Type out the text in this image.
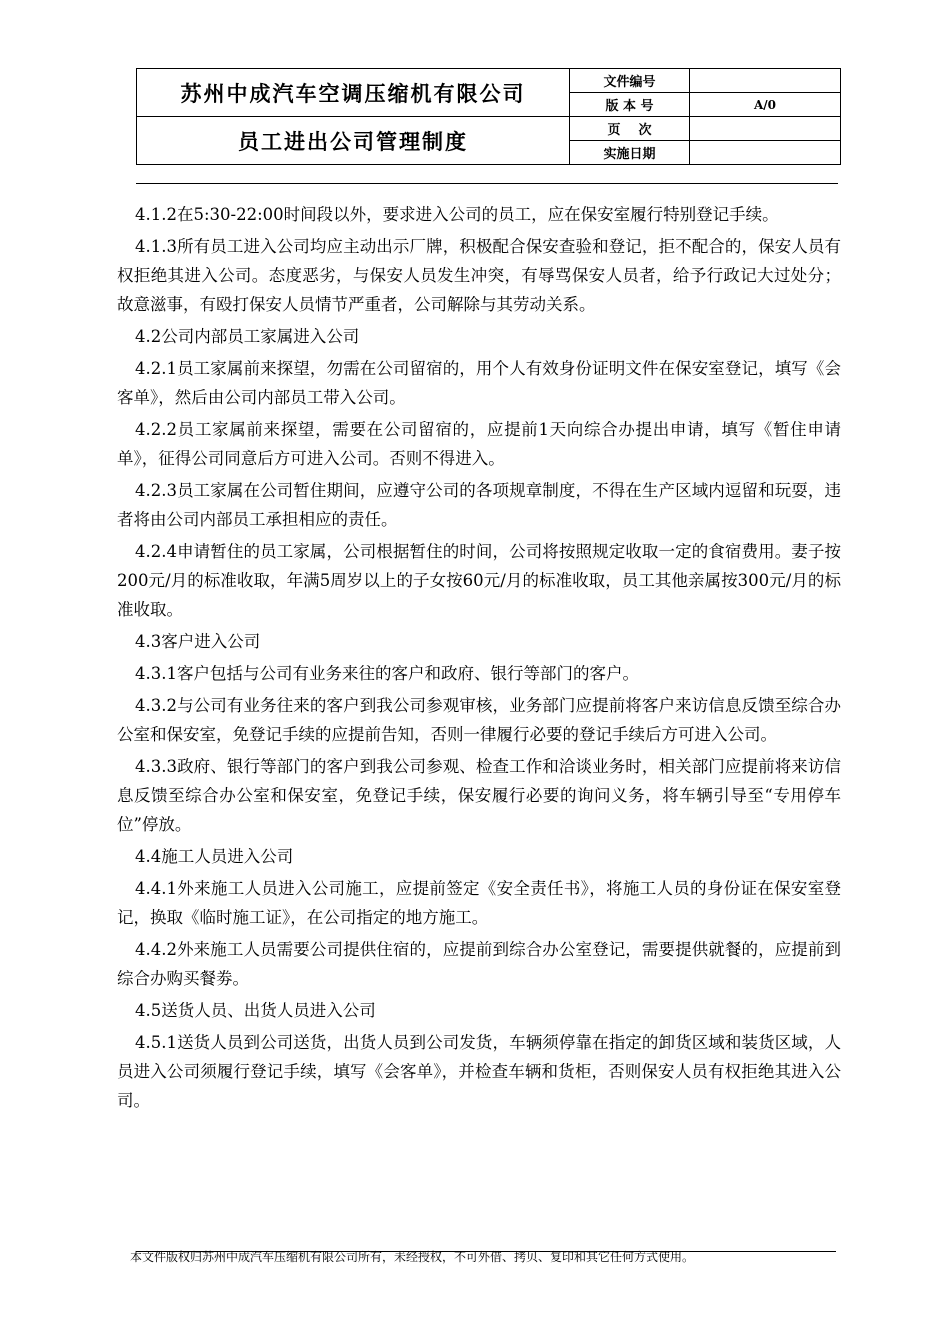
苏州中成汽车空调压缩机有限公司	文件编号	
	版 本 号	A/0
员工进出公司管理制度	页    次	
	实施日期	

4.1.2在5:30-22:00时间段以外，要求进入公司的员工，应在保安室履行特别登记手续。

4.1.3所有员工进入公司均应主动出示厂牌，积极配合保安查验和登记，拒不配合的，保安人员有权拒绝其进入公司。态度恶劣，与保安人员发生冲突，有辱骂保安人员者，给予行政记大过处分；故意滋事，有殴打保安人员情节严重者，公司解除与其劳动关系。

4.2公司内部员工家属进入公司

4.2.1员工家属前来探望，勿需在公司留宿的，用个人有效身份证明文件在保安室登记，填写《会客单》，然后由公司内部员工带入公司。

4.2.2员工家属前来探望，需要在公司留宿的，应提前1天向综合办提出申请，填写《暂住申请单》，征得公司同意后方可进入公司。否则不得进入。

4.2.3员工家属在公司暂住期间，应遵守公司的各项规章制度，不得在生产区域内逗留和玩耍，违者将由公司内部员工承担相应的责任。

4.2.4申请暂住的员工家属，公司根据暂住的时间，公司将按照规定收取一定的食宿费用。妻子按200元/月的标准收取，年满5周岁以上的子女按60元/月的标准收取，员工其他亲属按300元/月的标准收取。

4.3客户进入公司

4.3.1客户包括与公司有业务来往的客户和政府、银行等部门的客户。

4.3.2与公司有业务往来的客户到我公司参观审核，业务部门应提前将客户来访信息反馈至综合办公室和保安室，免登记手续的应提前告知，否则一律履行必要的登记手续后方可进入公司。

4.3.3政府、银行等部门的客户到我公司参观、检查工作和洽谈业务时，相关部门应提前将来访信息反馈至综合办公室和保安室，免登记手续，保安履行必要的询问义务，将车辆引导至“专用停车位”停放。

4.4施工人员进入公司

4.4.1外来施工人员进入公司施工，应提前签定《安全责任书》，将施工人员的身份证在保安室登记，换取《临时施工证》，在公司指定的地方施工。

4.4.2外来施工人员需要公司提供住宿的，应提前到综合办公室登记，需要提供就餐的，应提前到综合办购买餐劵。

4.5送货人员、出货人员进入公司

4.5.1送货人员到公司送货，出货人员到公司发货，车辆须停靠在指定的卸货区域和装货区域，人员进入公司须履行登记手续，填写《会客单》，并检查车辆和货柜，否则保安人员有权拒绝其进入公司。

本文件版权归苏州中成汽车压缩机有限公司所有，未经授权，不可外借、拷贝、复印和其它任何方式使用。
